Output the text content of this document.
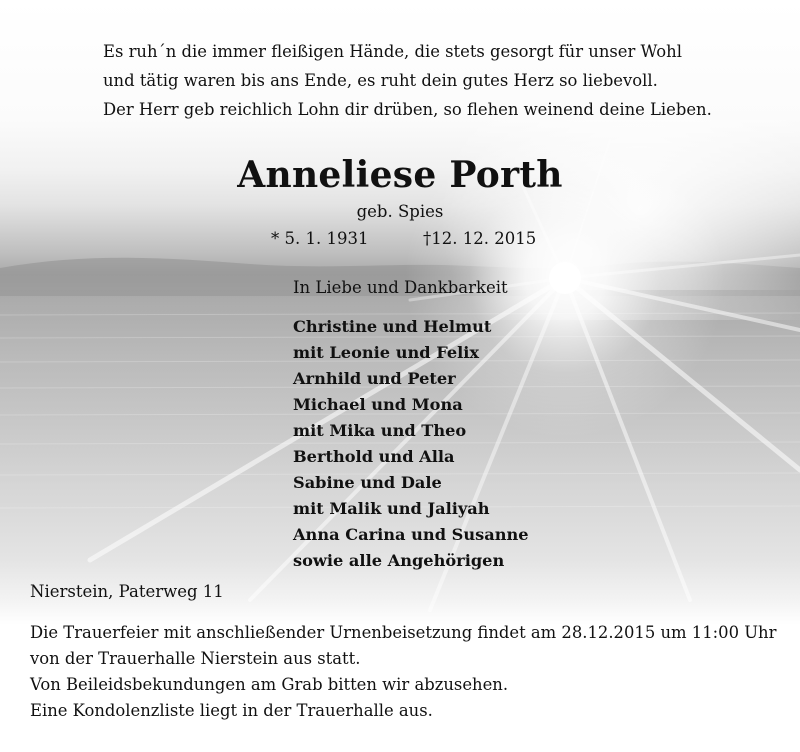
Es ruh´n die immer fleißigen Hände, die stets gesorgt für unser Wohl
und tätig waren bis ans Ende, es ruht dein gutes Herz so liebevoll.
Der Herr geb reichlich Lohn dir drüben, so flehen weinend deine Lieben.
Anneliese Porth
geb. Spies
* 5. 1. 1931	†12. 12. 2015
In Liebe und Dankbarkeit
Christine und Helmut
mit Leonie und Felix
Arnhild und Peter
Michael und Mona
mit Mika und Theo
Berthold und Alla
Sabine und Dale
mit Malik und Jaliyah
Anna Carina und Susanne
sowie alle Angehörigen
Nierstein, Paterweg 11
Die Trauerfeier mit anschließender Urnenbeisetzung findet am 28.12.2015 um 11:00 Uhr
von der Trauerhalle Nierstein aus statt.
Von Beileidsbekundungen am Grab bitten wir abzusehen.
Eine Kondolenzliste liegt in der Trauerhalle aus.
